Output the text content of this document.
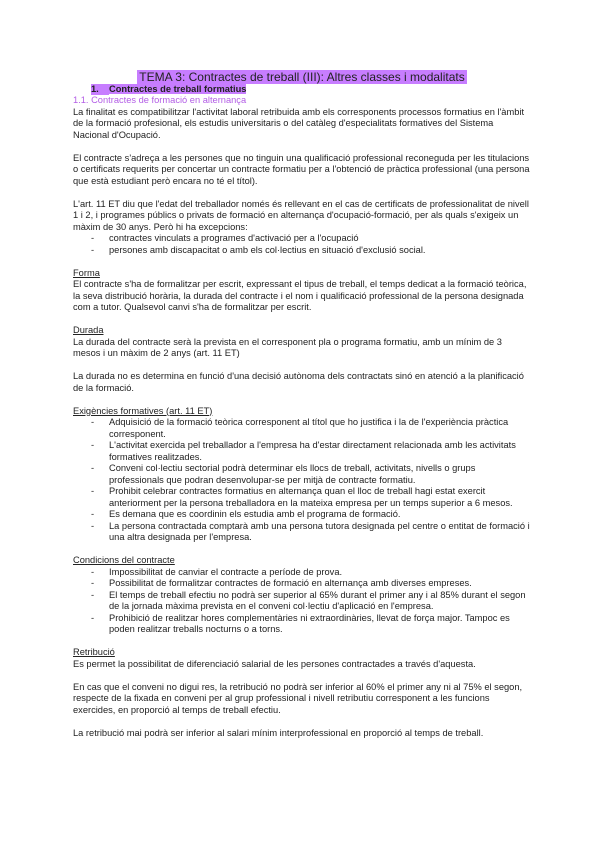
TEMA 3: Contractes de treball (III): Altres classes i modalitats

1. Contractes de treball formatius

1.1. Contractes de formació en alternança

La finalitat es compatibilitzar l'activitat laboral retribuida amb els corresponents processos formatius en l'àmbit de la formació profesional, els estudis universitaris o del catàleg d'especialitats formatives del Sistema Nacional d'Ocupació.

El contracte s'adreça a les persones que no tinguin una qualificació professional reconeguda per les titulacions o certificats requerits per concertar un contracte formatiu per a l'obtenció de pràctica professional (una persona que està estudiant però encara no té el títol).

L'art. 11 ET diu que l'edat del treballador només és rellevant en el cas de certificats de professionalitat de nivell 1 i 2, i programes públics o privats de formació en alternança d'ocupació-formació, per als quals s'exigeix un màxim de 30 anys. Però hi ha excepcions:

- contractes vinculats a programes d'activació per a l'ocupació
- persones amb discapacitat o amb els col·lectius en situació d'exclusió social.

Forma

El contracte s'ha de formalitzar per escrit, expressant el tipus de treball, el temps dedicat a la formació teòrica, la seva distribució horària, la durada del contracte i el nom i qualificació professional de la persona designada com a tutor. Qualsevol canvi s'ha de formalitzar per escrit.

Durada

La durada del contracte serà la prevista en el corresponent pla o programa formatiu, amb un mínim de 3 mesos i un màxim de 2 anys (art. 11 ET)

La durada no es determina en funció d'una decisió autònoma dels contractats sinó en atenció a la planificació de la formació.

Exigències formatives (art. 11 ET)

- Adquisició de la formació teòrica corresponent al títol que ho justifica i la de l'experiència pràctica corresponent.
- L'activitat exercida pel treballador a l'empresa ha d'estar directament relacionada amb les activitats formatives realitzades.
- Conveni col·lectiu sectorial podrà determinar els llocs de treball, activitats, nivells o grups professionals que podran desenvolupar-se per mitjà de contracte formatiu.
- Prohibit celebrar contractes formatius en alternança quan el lloc de treball hagi estat exercit anteriorment per la persona treballadora en la mateixa empresa per un temps superior a 6 mesos.
- Es demana que es coordinin els estudia amb el programa de formació.
- La persona contractada comptarà amb una persona tutora designada pel centre o entitat de formació i una altra designada per l'empresa.

Condicions del contracte

- Impossibilitat de canviar el contracte a període de prova.
- Possibilitat de formalitzar contractes de formació en alternança amb diverses empreses.
- El temps de treball efectiu no podrà ser superior al 65% durant el primer any i al 85% durant el segon de la jornada màxima prevista en el conveni col·lectiu d'aplicació en l'empresa.
- Prohibició de realitzar hores complementàries ni extraordinàries, llevat de força major. Tampoc es poden realitzar treballs nocturns o a torns.

Retribució

Es permet la possibilitat de diferenciació salarial de les persones contractades a través d'aquesta.

En cas que el conveni no digui res, la retribució no podrà ser inferior al 60% el primer any ni al 75% el segon, respecte de la fixada en conveni per al grup professional i nivell retributiu corresponent a les funcions exercides, en proporció al temps de treball efectiu.

La retribució mai podrà ser inferior al salari mínim interprofessional en proporció al temps de treball.
